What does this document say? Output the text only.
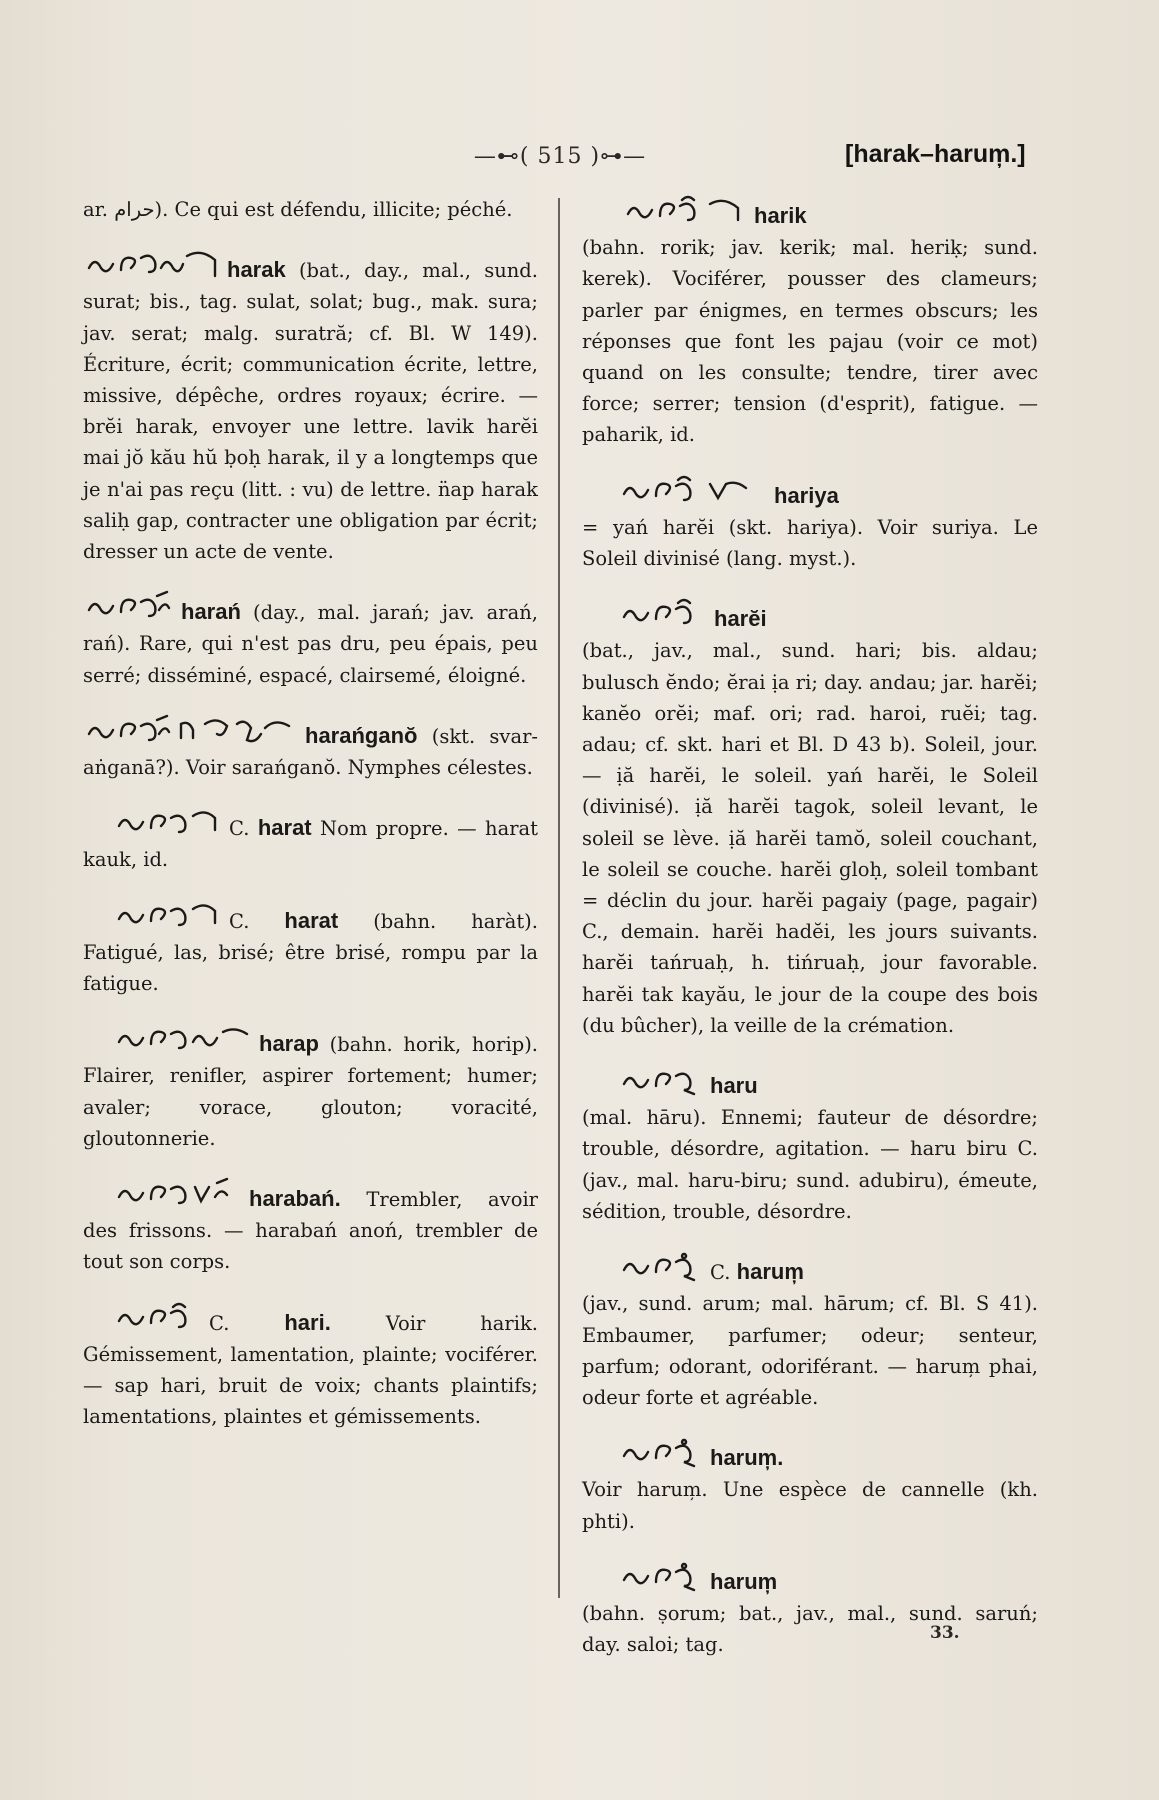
—⊷( 515 )⊶—	[harak–harum̦.]

ar. حرام). Ce qui est défendu, illicite; péché.

harak (bat., day., mal., sund. surat; bis., tag. sulat, solat; bug., mak. sura; jav. serat; malg. suratră; cf. Bl. W 149). Écriture, écrit; communication écrite, lettre, missive, dépêche, ordres royaux; écrire. — brĕi harak, envoyer une lettre. lavik harĕi mai jŏ kău hŭ ḅoḥ harak, il y a longtemps que je n'ai pas reçu (litt. : vu) de lettre. n̈ap harak saliḥ gap, contracter une obligation par écrit; dresser un acte de vente.

harań (day., mal. jarań; jav. arań, rań). Rare, qui n'est pas dru, peu épais, peu serré; disséminé, espacé, clairsemé, éloigné.

harańganŏ (skt. svar-aṅganā?). Voir sarańganŏ. Nymphes célestes.

C. harat Nom propre. — harat kauk, id.

C. harat (bahn. haràt). Fatigué, las, brisé; être brisé, rompu par la fatigue.

harap (bahn. horik, horip). Flairer, renifler, aspirer fortement; humer; avaler; vorace, glouton; voracité, gloutonnerie.

harabań. Trembler, avoir des frissons. — harabań anoń, trembler de tout son corps.

C. hari.	Voir harik. Gémissement, lamentation, plainte; vociférer. — sap hari, bruit de voix; chants plaintifs; lamentations, plaintes et gémissements.

harik

(bahn. rorik; jav. kerik; mal. heriḳ; sund. kerek). Vociférer, pousser des clameurs; parler par énigmes, en termes obscurs; les réponses que font les pajau (voir ce mot) quand on les consulte; tendre, tirer avec force; serrer; tension (d'esprit), fatigue. — paharik, id.

hariya

= yań harĕi (skt. hariya). Voir suriya. Le Soleil divinisé (lang. myst.).

harĕi

(bat., jav., mal., sund. hari; bis. aldau; bulusch ĕndo; ĕrai ịa ri; day. andau; jar. harĕi; kanĕo orĕi; maf. ori; rad. haroi, ruĕi; tag. adau; cf. skt. hari et Bl. D 43 b). Soleil, jour. — ịă harĕi, le soleil. yań harĕi, le Soleil (divinisé). ịă harĕi tagok, soleil levant, le soleil se lève. ịă harĕi tamŏ, soleil couchant, le soleil se couche. harĕi gloḥ, soleil tombant = déclin du jour. harĕi pagaiy (page, pagair) C., demain. harĕi hadĕi, les jours suivants. harĕi tańruaḥ, h. tińruaḥ, jour favorable. harĕi tak kayău, le jour de la coupe des bois (du bûcher), la veille de la crémation.

haru

(mal. hāru). Ennemi; fauteur de désordre; trouble, désordre, agitation. — haru biru C. (jav., mal. haru-biru; sund. adubiru), émeute, sédition, trouble, désordre.

C. harum̦

(jav., sund. arum; mal. hārum; cf. Bl. S 41). Embaumer, parfumer; odeur; senteur, parfum; odorant, odoriférant. — harum̦ phai, odeur forte et agréable.

harum̦.

Voir harum̦. Une espèce de cannelle (kh. phti).

harum̦

(bahn. ṣorum; bat., jav., mal., sund. saruń; day. saloi; tag.

33.
